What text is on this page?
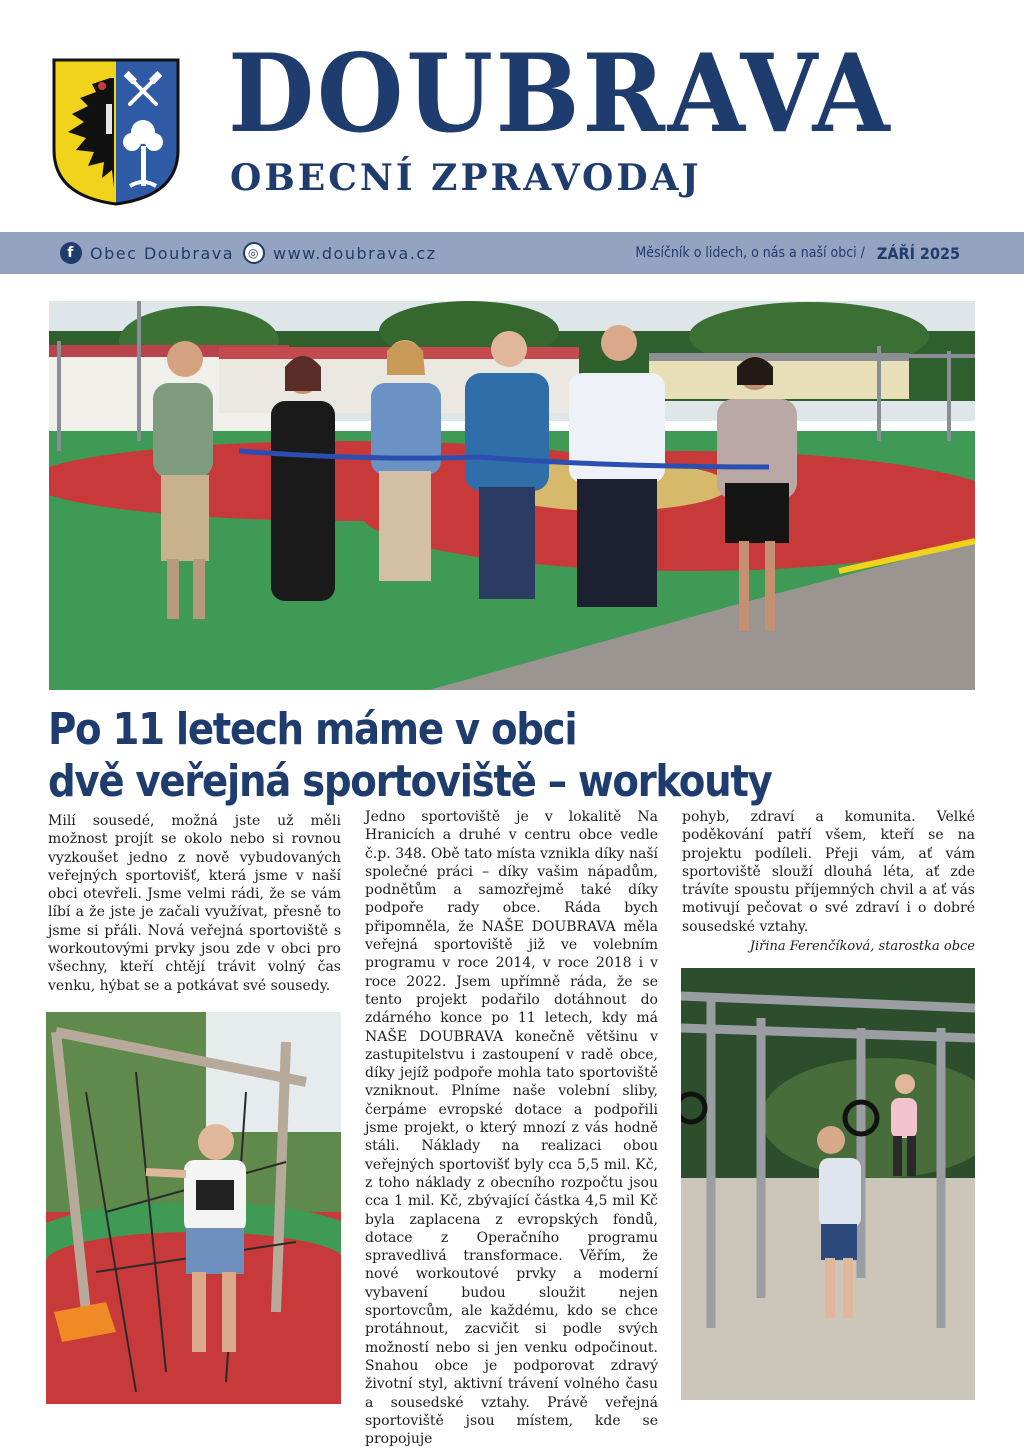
DOUBRAVA
OBECNÍ ZPRAVODAJ
f Obec Doubrava	◎ www.doubrava.cz	Měsíčník o lidech, o nás a naší obci / ZÁŘÍ 2025
Po 11 letech máme v obci
dvě veřejná sportoviště – workouty
Milí sousedé, možná jste už měli možnost projít se okolo nebo si rovnou vyzkoušet jedno z nově vybudovaných veřejných sportovišť, která jsme v naší obci otevřeli. Jsme velmi rádi, že se vám líbí a že jste je začali využívat, přesně to jsme si přáli. Nová veřejná sportoviště s workoutovými prvky jsou zde v obci pro všechny, kteří chtějí trávit volný čas venku, hýbat se a potkávat své sousedy.
Jedno sportoviště je v lokalitě Na Hranicích a druhé v centru obce vedle č.p. 348. Obě tato místa vznikla díky naší společné práci – díky vašim nápadům, podnětům a samozřejmě také díky podpoře rady obce. Ráda bych připomněla, že NAŠE DOUBRAVA měla veřejná sportoviště již ve volebním programu v roce 2014, v roce 2018 i v roce 2022. Jsem upřímně ráda, že se tento projekt podařilo dotáhnout do zdárného konce po 11 letech, kdy má NAŠE DOUBRAVA konečně většinu v zastupitelstvu i zastoupení v radě obce, díky jejíž podpoře mohla tato sportoviště vzniknout. Plníme naše volební sliby, čerpáme evropské dotace a podpořili jsme projekt, o který mnozí z vás hodně stáli. Náklady na realizaci obou veřejných sportovišť byly cca 5,5 mil. Kč, z toho náklady z obecního rozpočtu jsou cca 1 mil. Kč, zbývající částka 4,5 mil Kč byla zaplacena z evropských fondů, dotace z Operačního programu spravedlivá transformace. Věřím, že nové workoutové prvky a moderní vybavení budou sloužit nejen sportovcům, ale každému, kdo se chce protáhnout, zacvičit si podle svých možností nebo si jen venku odpočinout. Snahou obce je podporovat zdravý životní styl, aktivní trávení volného času a sousedské vztahy. Právě veřejná sportoviště jsou místem, kde se propojuje
pohyb, zdraví a komunita. Velké poděkování patří všem, kteří se na projektu podíleli. Přeji vám, ať vám sportoviště slouží dlouhá léta, ať zde trávíte spoustu příjemných chvil a ať vás motivují pečovat o své zdraví i o dobré sousedské vztahy.
Jiřina Ferenčíková, starostka obce
